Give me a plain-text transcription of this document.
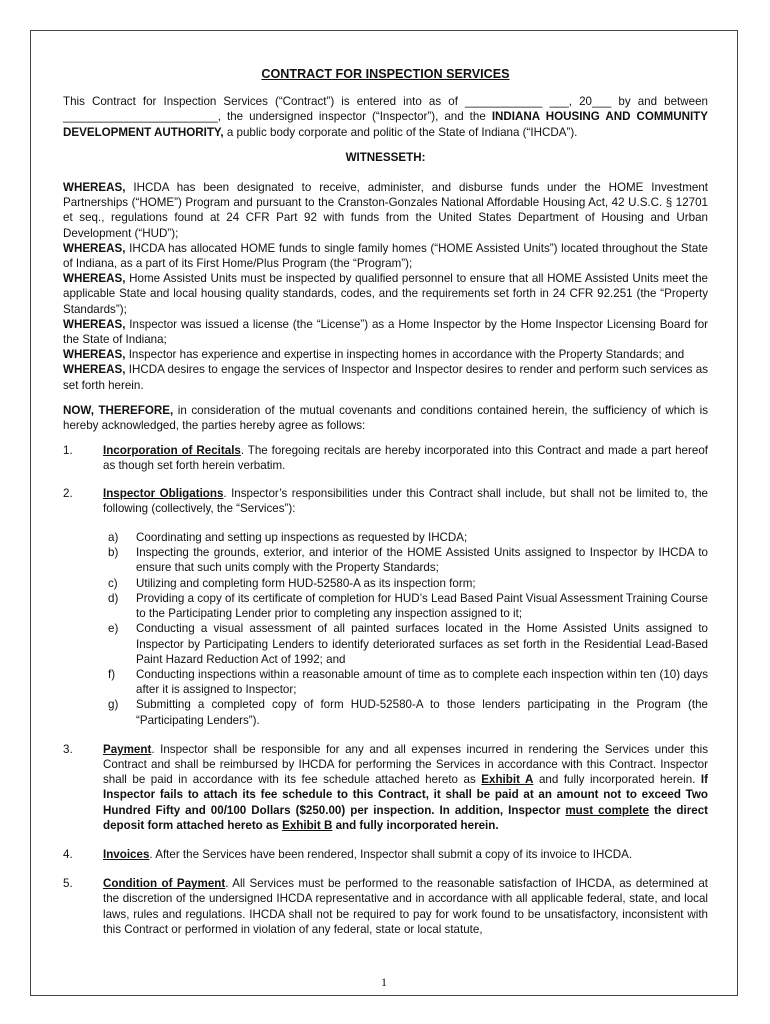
CONTRACT FOR INSPECTION SERVICES

This Contract for Inspection Services (“Contract”) is entered into as of ____________ ___, 20___ by and between ________________________, the undersigned inspector (“Inspector”), and the INDIANA HOUSING AND COMMUNITY DEVELOPMENT AUTHORITY, a public body corporate and politic of the State of Indiana (“IHCDA”).

WITNESSETH:

WHEREAS, IHCDA has been designated to receive, administer, and disburse funds under the HOME Investment Partnerships (“HOME”) Program and pursuant to the Cranston-Gonzales National Affordable Housing Act, 42 U.S.C. § 12701 et seq., regulations found at 24 CFR Part 92 with funds from the United States Department of Housing and Urban Development (“HUD”);

WHEREAS, IHCDA has allocated HOME funds to single family homes (“HOME Assisted Units”) located throughout the State of Indiana, as a part of its First Home/Plus Program (the “Program”);

WHEREAS, Home Assisted Units must be inspected by qualified personnel to ensure that all HOME Assisted Units meet the applicable State and local housing quality standards, codes, and the requirements set forth in 24 CFR 92.251 (the “Property Standards”);

WHEREAS, Inspector was issued a license (the “License”) as a Home Inspector by the Home Inspector Licensing Board for the State of Indiana;

WHEREAS, Inspector has experience and expertise in inspecting homes in accordance with the Property Standards; and

WHEREAS, IHCDA desires to engage the services of Inspector and Inspector desires to render and perform such services as set forth herein.

NOW, THEREFORE, in consideration of the mutual covenants and conditions contained herein, the sufficiency of which is hereby acknowledged, the parties hereby agree as follows:

1.	Incorporation of Recitals. The foregoing recitals are hereby incorporated into this Contract and made a part hereof as though set forth herein verbatim.
2.	Inspector Obligations. Inspector’s responsibilities under this Contract shall include, but shall not be limited to, the following (collectively, the “Services”):
a)	Coordinating and setting up inspections as requested by IHCDA;
b)	Inspecting the grounds, exterior, and interior of the HOME Assisted Units assigned to Inspector by IHCDA to ensure that such units comply with the Property Standards;
c)	Utilizing and completing form HUD-52580-A as its inspection form;
d)	Providing a copy of its certificate of completion for HUD’s Lead Based Paint Visual Assessment Training Course to the Participating Lender prior to completing any inspection assigned to it;
e)	Conducting a visual assessment of all painted surfaces located in the Home Assisted Units assigned to Inspector by Participating Lenders to identify deteriorated surfaces as set forth in the Residential Lead-Based Paint Hazard Reduction Act of 1992; and
f)	Conducting inspections within a reasonable amount of time as to complete each inspection within ten (10) days after it is assigned to Inspector;
g)	Submitting a completed copy of form HUD-52580-A to those lenders participating in the Program (the “Participating Lenders”).
3.	Payment. Inspector shall be responsible for any and all expenses incurred in rendering the Services under this Contract and shall be reimbursed by IHCDA for performing the Services in accordance with this Contract. Inspector shall be paid in accordance with its fee schedule attached hereto as Exhibit A and fully incorporated herein. If Inspector fails to attach its fee schedule to this Contract, it shall be paid at an amount not to exceed Two Hundred Fifty and 00/100 Dollars ($250.00) per inspection. In addition, Inspector must complete the direct deposit form attached hereto as Exhibit B and fully incorporated herein.
4.	Invoices. After the Services have been rendered, Inspector shall submit a copy of its invoice to IHCDA.
5.	Condition of Payment. All Services must be performed to the reasonable satisfaction of IHCDA, as determined at the discretion of the undersigned IHCDA representative and in accordance with all applicable federal, state, and local laws, rules and regulations. IHCDA shall not be required to pay for work found to be unsatisfactory, inconsistent with this Contract or performed in violation of any federal, state or local statute,
1
